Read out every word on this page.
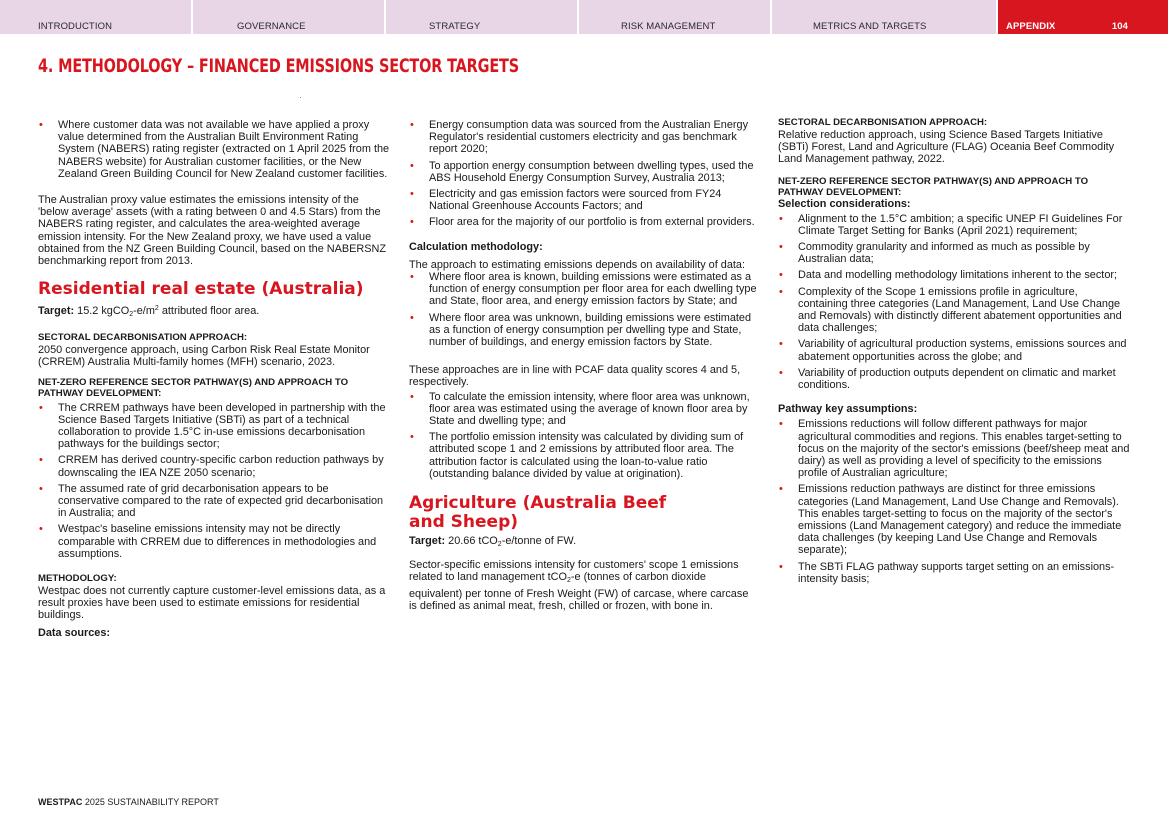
INTRODUCTION	GOVERNANCE	STRATEGY	RISK MANAGEMENT	METRICS AND TARGETS	APPENDIX	104
4. METHODOLOGY – FINANCED EMISSIONS SECTOR TARGETS
• Where customer data was not available we have applied a proxy value determined from the Australian Built Environment Rating System (NABERS) rating register (extracted on 1 April 2025 from the NABERS website) for Australian customer facilities, or the New Zealand Green Building Council for New Zealand customer facilities.

The Australian proxy value estimates the emissions intensity of the 'below average' assets (with a rating between 0 and 4.5 Stars) from the NABERS rating register, and calculates the area-weighted average emission intensity. For the New Zealand proxy, we have used a value obtained from the NZ Green Building Council, based on the NABERSNZ benchmarking report from 2013.

Residential real estate (Australia)

Target: 15.2 $kgCO_2-e/m^2$ attributed floor area.

SECTORAL DECARBONISATION APPROACH:

2050 convergence approach, using Carbon Risk Real Estate Monitor (CRREM) Australia Multi-family homes (MFH) scenario, 2023.

NET-ZERO REFERENCE SECTOR PATHWAY(S) AND APPROACH TO PATHWAY DEVELOPMENT:

• The CRREM pathways have been developed in partnership with the Science Based Targets Initiative (SBTi) as part of a technical collaboration to provide 1.5°C in-use emissions decarbonisation pathways for the buildings sector;
• CRREM has derived country-specific carbon reduction pathways by downscaling the IEA NZE 2050 scenario;
• The assumed rate of grid decarbonisation appears to be conservative compared to the rate of expected grid decarbonisation in Australia; and
• Westpac's baseline emissions intensity may not be directly comparable with CRREM due to differences in methodologies and assumptions.

METHODOLOGY:

Westpac does not currently capture customer-level emissions data, as a result proxies have been used to estimate emissions for residential buildings.

Data sources:

• Energy consumption data was sourced from the Australian Energy Regulator's residential customers electricity and gas benchmark report 2020;
• To apportion energy consumption between dwelling types, used the ABS Household Energy Consumption Survey, Australia 2013;
• Electricity and gas emission factors were sourced from FY24 National Greenhouse Accounts Factors; and
• Floor area for the majority of our portfolio is from external providers.

Calculation methodology:

The approach to estimating emissions depends on availability of data:

• Where floor area is known, building emissions were estimated as a function of energy consumption per floor area for each dwelling type and State, floor area, and energy emission factors by State; and
• Where floor area was unknown, building emissions were estimated as a function of energy consumption per dwelling type and State, number of buildings, and energy emission factors by State.

These approaches are in line with PCAF data quality scores 4 and 5, respectively.

• To calculate the emission intensity, where floor area was unknown, floor area was estimated using the average of known floor area by State and dwelling type; and
• The portfolio emission intensity was calculated by dividing sum of attributed scope 1 and 2 emissions by attributed floor area. The attribution factor is calculated using the loan-to-value ratio (outstanding balance divided by value at origination).
Agriculture (Australia Beef
and Sheep)

Target: 20.66 tCO$_2$-e/tonne of FW.

Sector-specific emissions intensity for customers' scope 1 emissions related to land management tCO$_2$-e (tonnes of carbon dioxide equivalent) per tonne of Fresh Weight (FW) of carcase, where carcase is defined as animal meat, fresh, chilled or frozen, with bone in.

SECTORAL DECARBONISATION APPROACH:

Relative reduction approach, using Science Based Targets Initiative (SBTi) Forest, Land and Agriculture (FLAG) Oceania Beef Commodity Land Management pathway, 2022.

NET-ZERO REFERENCE SECTOR PATHWAY(S) AND APPROACH TO PATHWAY DEVELOPMENT:

Selection considerations:

• Alignment to the 1.5°C ambition; a specific UNEP FI Guidelines For Climate Target Setting for Banks (April 2021) requirement;
• Commodity granularity and informed as much as possible by Australian data;
• Data and modelling methodology limitations inherent to the sector;
• Complexity of the Scope 1 emissions profile in agriculture, containing three categories (Land Management, Land Use Change and Removals) with distinctly different abatement opportunities and data challenges;
• Variability of agricultural production systems, emissions sources and abatement opportunities across the globe; and
• Variability of production outputs dependent on climatic and market conditions.

Pathway key assumptions:

• Emissions reductions will follow different pathways for major agricultural commodities and regions. This enables target-setting to focus on the majority of the sector's emissions (beef/sheep meat and dairy) as well as providing a level of specificity to the emissions profile of Australian agriculture;
• Emissions reduction pathways are distinct for three emissions categories (Land Management, Land Use Change and Removals). This enables target-setting to focus on the majority of the sector's emissions (Land Management category) and reduce the immediate data challenges (by keeping Land Use Change and Removals separate);
• The SBTi FLAG pathway supports target setting on an emissions-intensity basis;
WESTPAC 2025 SUSTAINABILITY REPORT
